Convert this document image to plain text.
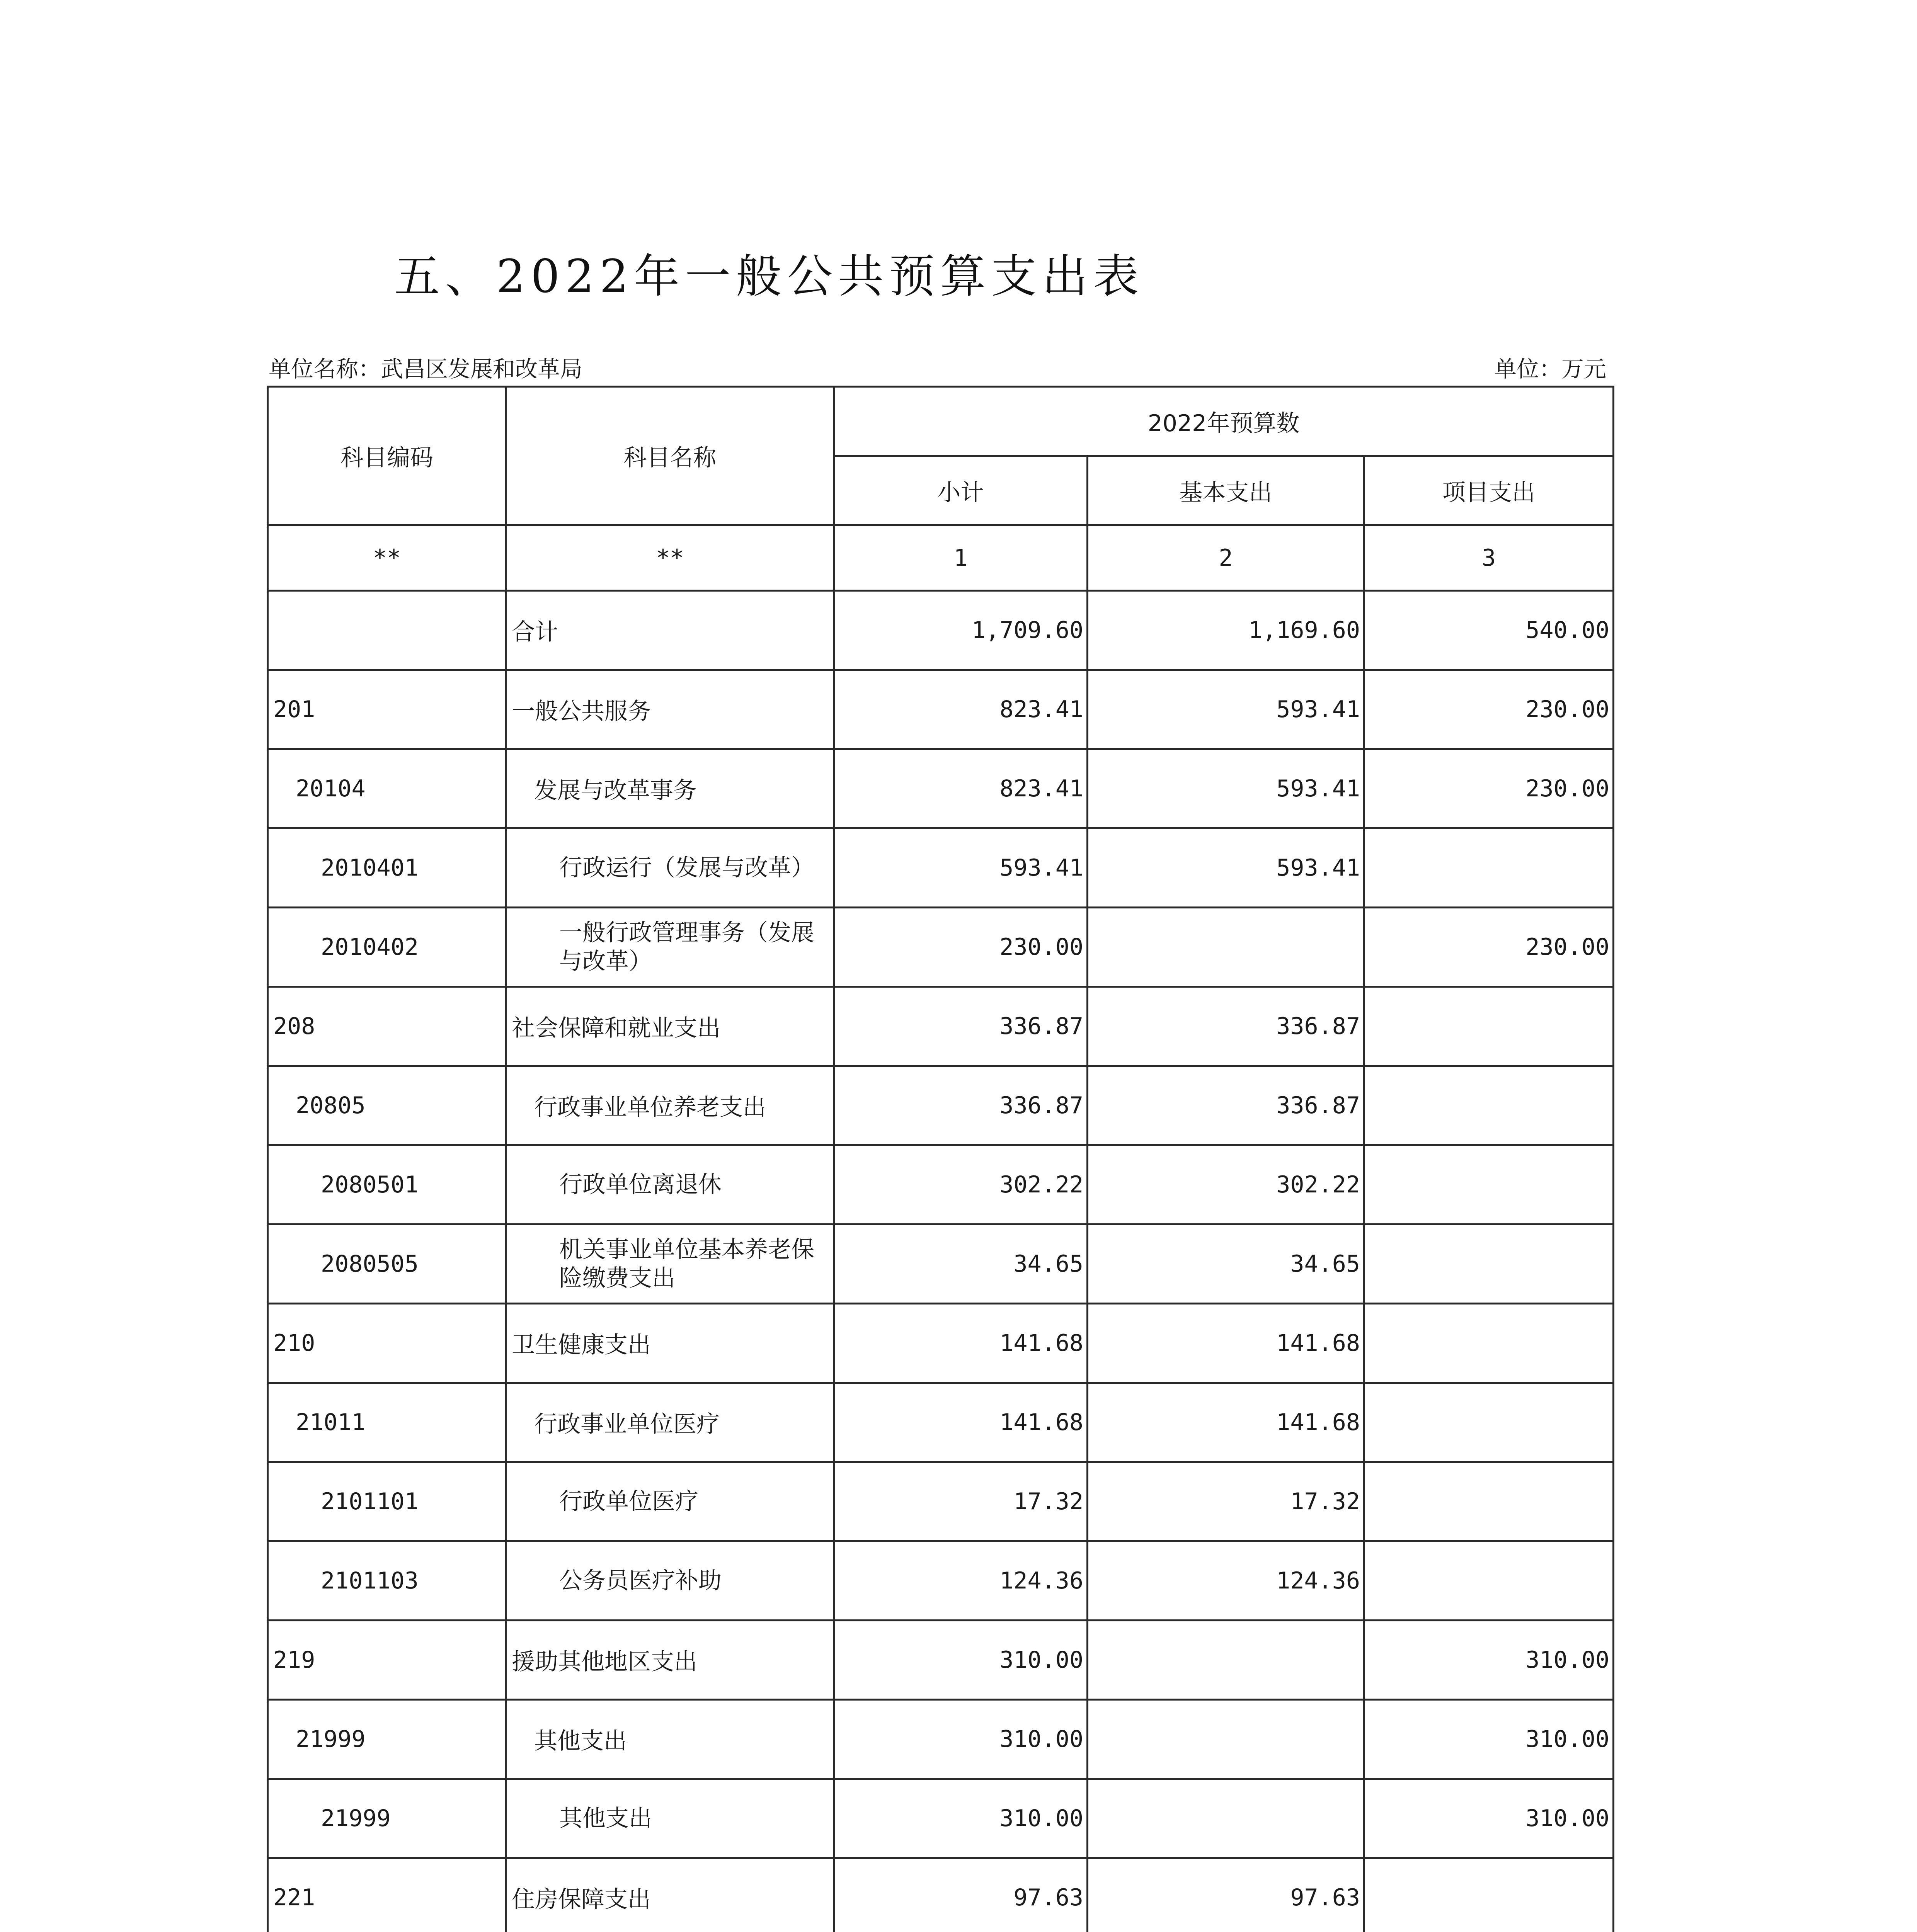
五、2022年一般公共预算支出表
单位名称：武昌区发展和改革局	单位：万元
科目编码	科目名称	2022年预算数		
		小计	基本支出	项目支出
**	**	1	2	3
	合计	1,709.60	1,169.60	540.00
201	一般公共服务	823.41	593.41	230.00
20104	发展与改革事务	823.41	593.41	230.00
2010401	行政运行（发展与改革）	593.41	593.41	
2010402	一般行政管理事务（发展与改革）	230.00		230.00
208	社会保障和就业支出	336.87	336.87	
20805	行政事业单位养老支出	336.87	336.87	
2080501	行政单位离退休	302.22	302.22	
2080505	机关事业单位基本养老保险缴费支出	34.65	34.65	
210	卫生健康支出	141.68	141.68	
21011	行政事业单位医疗	141.68	141.68	
2101101	行政单位医疗	17.32	17.32	
2101103	公务员医疗补助	124.36	124.36	
219	援助其他地区支出	310.00		310.00
21999	其他支出	310.00		310.00
21999	其他支出	310.00		310.00
221	住房保障支出	97.63	97.63	
